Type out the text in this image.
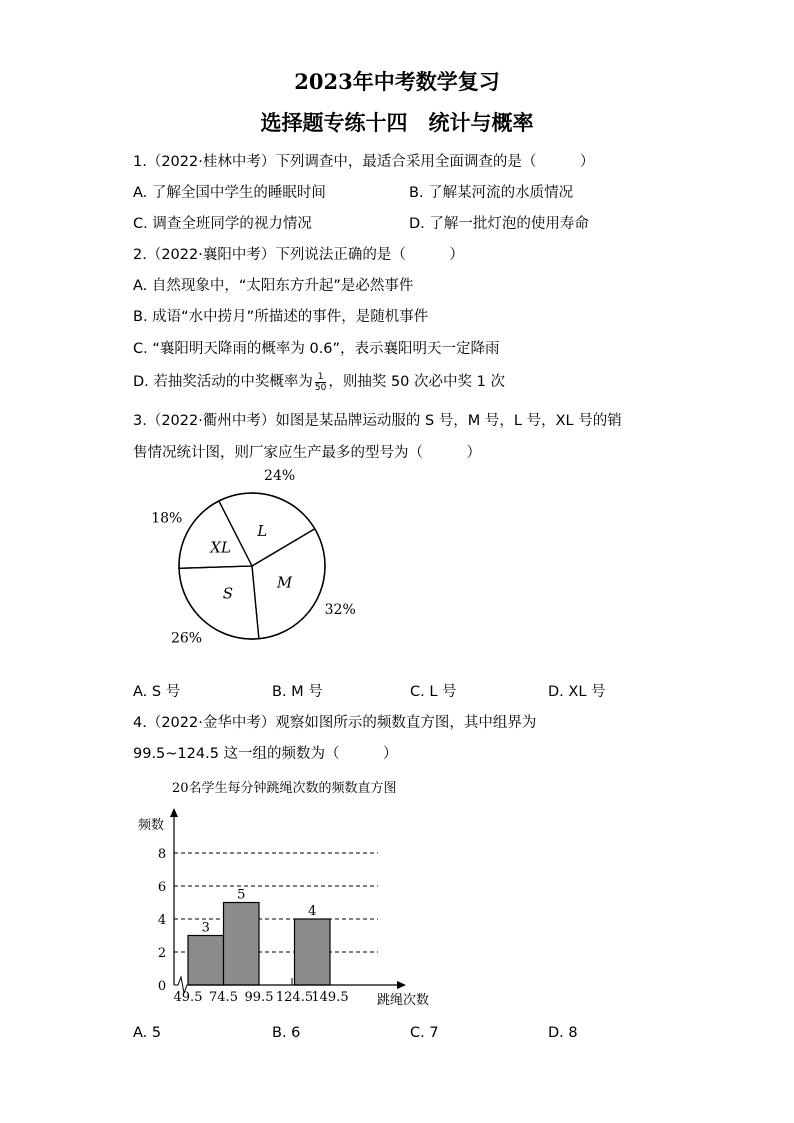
2023年中考数学复习
选择题专练十四　统计与概率
1.（2022·桂林中考）下列调查中，最适合采用全面调查的是（　　　）
A. 了解全国中学生的睡眠时间	B. 了解某河流的水质情况
C. 调查全班同学的视力情况	D. 了解一批灯泡的使用寿命
2.（2022·襄阳中考）下列说法正确的是（　　　）
A. 自然现象中，“太阳东方升起”是必然事件
B. 成语“水中捞月”所描述的事件，是随机事件
C. “襄阳明天降雨的概率为 0.6”，表示襄阳明天一定降雨
D. 若抽奖活动的中奖概率为 $\frac{1}{50}$ ，则抽奖 50 次必中奖 1 次
3.（2022·衢州中考）如图是某品牌运动服的 S 号，M 号，L 号，XL 号的销
售情况统计图，则厂家应生产最多的型号为（　　　）
L
24%
M
32%
S
26%
XL
18%
A. S 号	B. M 号	C. L 号	D. XL 号
4.（2022·金华中考）观察如图所示的频数直方图，其中组界为
99.5~124.5 这一组的频数为（　　　）
20名学生每分钟跳绳次数的频数直方图
频数
跳绳次数
3
5
4
0
2
4
6
8
49.5 74.5 99.5 124.5
149.5
A. 5	B. 6	C. 7	D. 8
